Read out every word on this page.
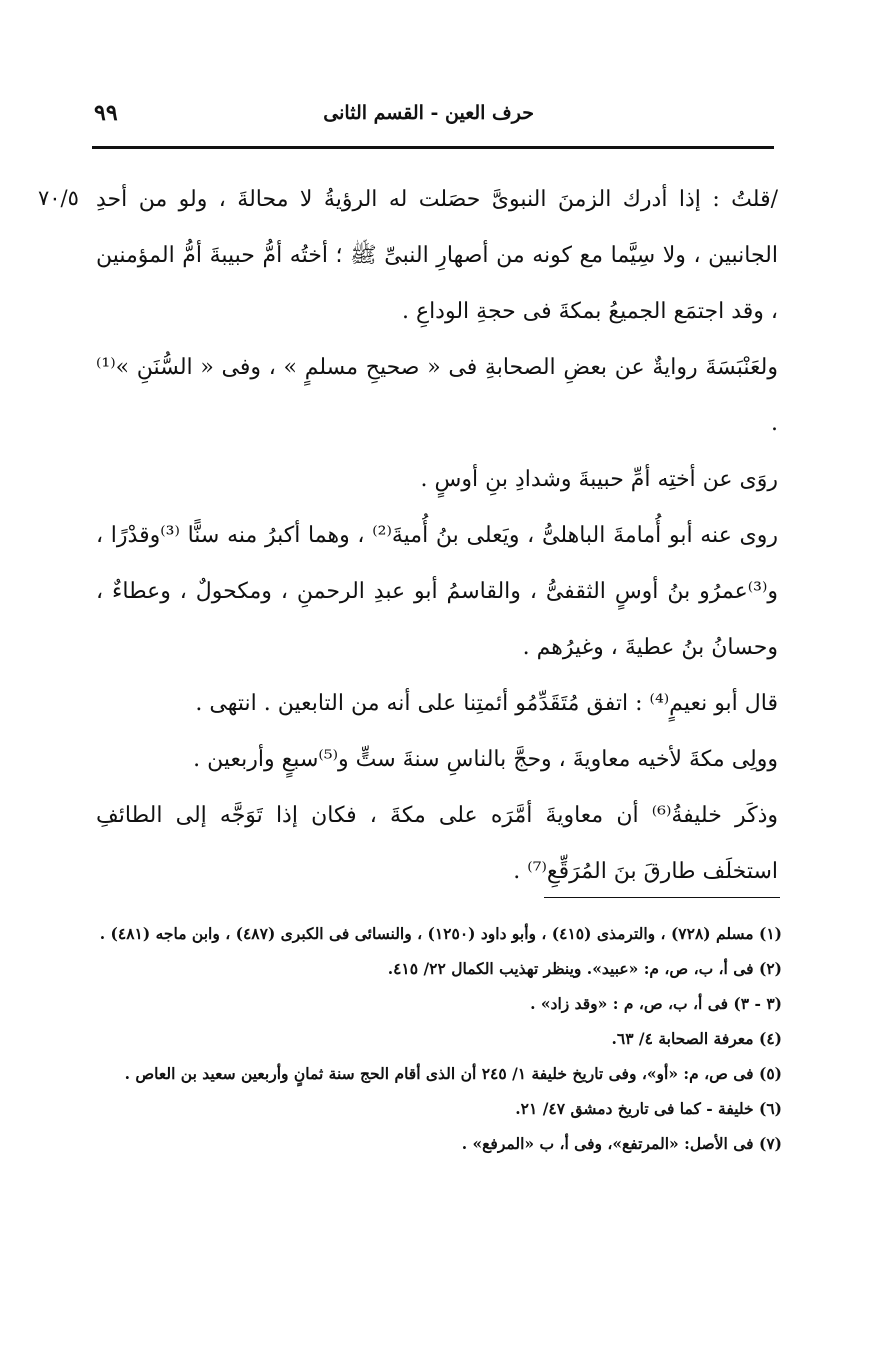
حرف العين - القسم الثانى
٩٩
٧٠/٥ /قلتُ : إذا أدرك الزمنَ النبوىَّ حصَلت له الرؤيةُ لا محالةَ ، ولو من أحدِ الجانبين ، ولا سِيَّما مع كونه من أصهارِ النبىِّ ﷺ ؛ أختُه أمُّ حبيبةَ أمُّ المؤمنين ، وقد اجتمَع الجميعُ بمكةَ فى حجةِ الوداعِ .

ولعَنْبَسَةَ روايةٌ عن بعضِ الصحابةِ فى « صحيحِ مسلمٍ » ، وفى « السُّنَنِ »⁽¹⁾ .

روَى عن أختِه أمِّ حبيبةَ وشدادِ بنِ أوسٍ .

روى عنه أبو أُمامةَ الباهلىُّ ، ويَعلى بنُ أُميةَ⁽²⁾ ، وهما أكبرُ منه سنًّا ⁽³⁾وقدْرًا ، و⁽³⁾عمرُو بنُ أوسٍ الثقفىُّ ، والقاسمُ أبو عبدِ الرحمنِ ، ومكحولٌ ، وعطاءٌ ، وحسانُ بنُ عطيةَ ، وغيرُهم .

قال أبو نعيمٍ⁽⁴⁾ : اتفق مُتَقَدِّمُو أئمتِنا على أنه من التابعين . انتهى .

وولِى مكةَ لأخيه معاويةَ ، وحجَّ بالناسِ سنةَ ستٍّ و⁽⁵⁾سبعٍ وأربعين .

وذكَر خليفةُ⁽⁶⁾ أن معاويةَ أمَّرَه على مكةَ ، فكان إذا تَوَجَّه إلى الطائفِ استخلَف طارقَ بنَ المُرَقِّعِ⁽⁷⁾ .

(١) مسلم (٧٢٨) ، والترمذى (٤١٥) ، وأبو داود (١٢٥٠) ، والنسائى فى الكبرى (٤٨٧) ، وابن ماجه (٤٨١) .

(٢) فى أ، ب، ص، م: «عبيد». وينظر تهذيب الكمال ٢٢/ ٤١٥.

(٣ - ٣) فى أ، ب، ص، م : «وقد زاد» .

(٤) معرفة الصحابة ٤/ ٦٣.

(٥) فى ص، م: «أو»، وفى تاريخ خليفة ١/ ٢٤٥ أن الذى أقام الحج سنة ثمانٍ وأربعين سعيد بن العاص .

(٦) خليفة - كما فى تاريخ دمشق ٤٧/ ٢١.

(٧) فى الأصل: «المرتفع»، وفى أ، ب «المرفع» .
